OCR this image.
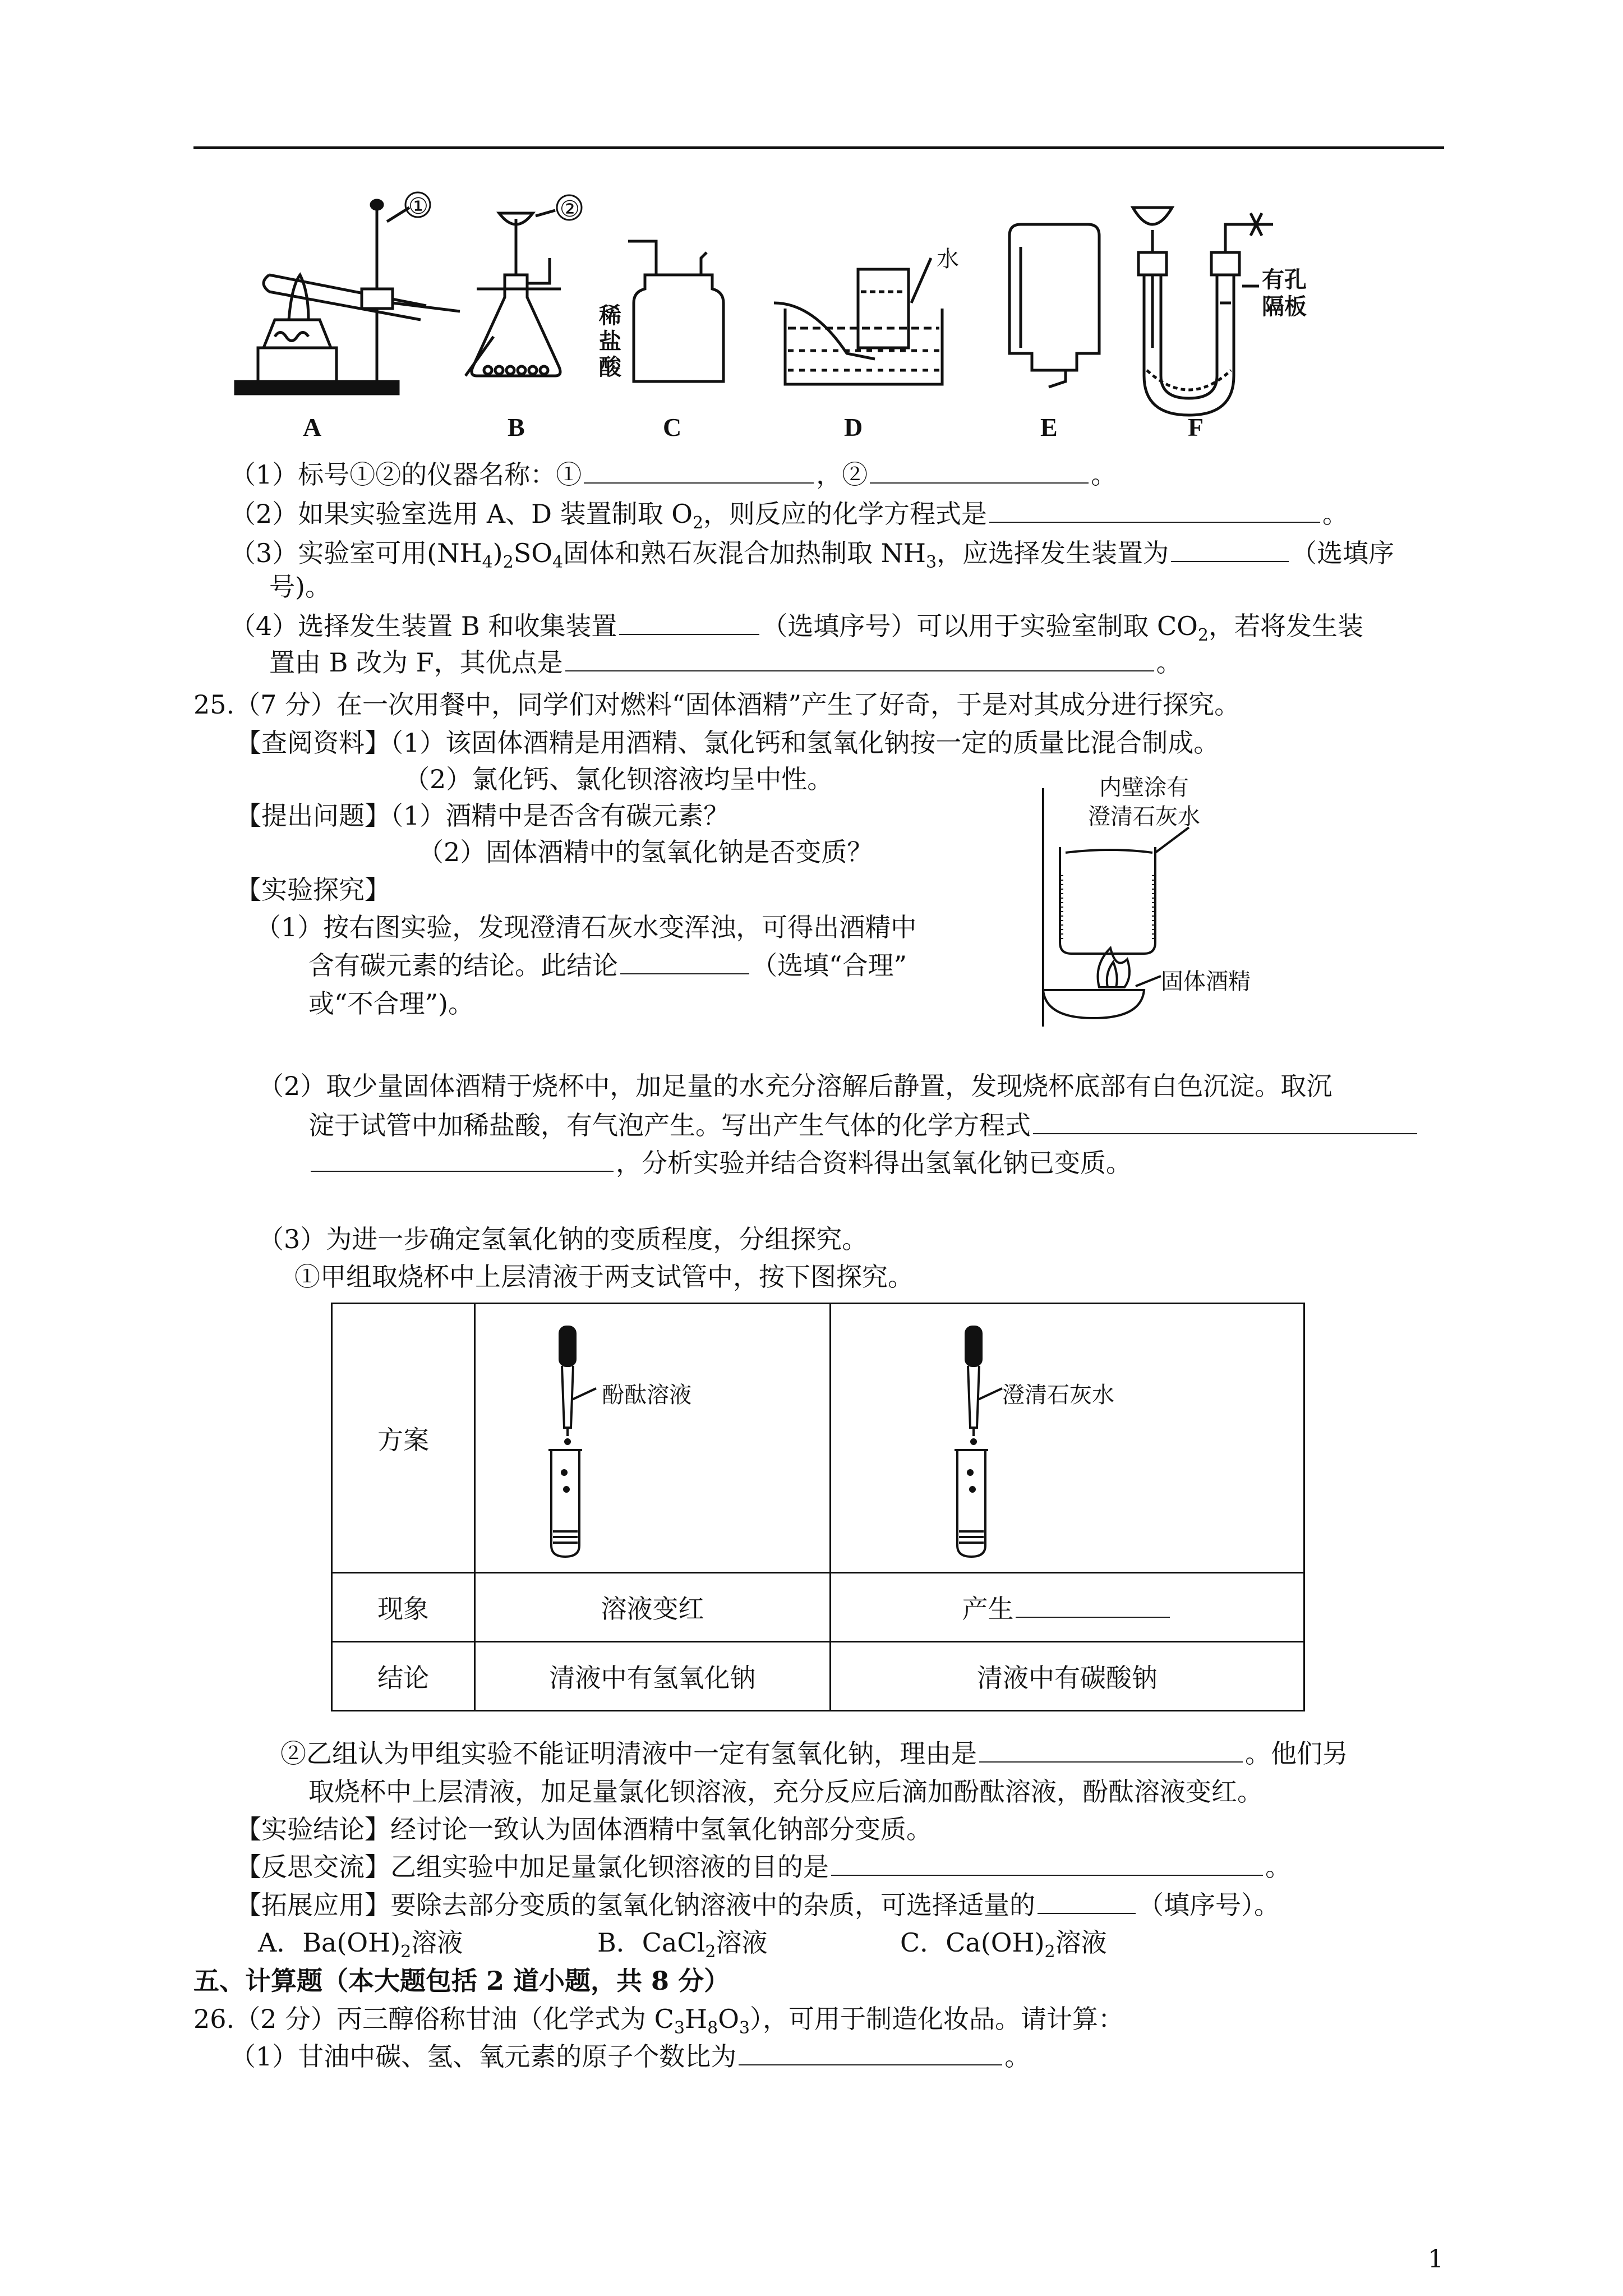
①	②
稀
盐
酸
水
有孔
隔板
A	B	C	D	E	F
（1）标号①②的仪器名称：①	，②	。
（2）如果实验室选用 A、D 装置制取 $O_2$，则反应的化学方程式是	。
（3）实验室可用$(NH_4)_2SO_4$固体和熟石灰混合加热制取 $NH_3$，应选择发生装置为	（选填序
号)。
（4）选择发生装置 B 和收集装置	（选填序号）可以用于实验室制取 $CO_2$，若将发生装
置由 B 改为 F，其优点是	。
25.（7 分）在一次用餐中，同学们对燃料“固体酒精”产生了好奇，于是对其成分进行探究。
【查阅资料】（1）该固体酒精是用酒精、氯化钙和氢氧化钠按一定的质量比混合制成。
（2）氯化钙、氯化钡溶液均呈中性。
【提出问题】（1）酒精中是否含有碳元素？
（2）固体酒精中的氢氧化钠是否变质？
【实验探究】
（1）按右图实验，发现澄清石灰水变浑浊，可得出酒精中
含有碳元素的结论。此结论	（选填“合理”
或“不合理”)。
内壁涂有
澄清石灰水
固体酒精
（2）取少量固体酒精于烧杯中，加足量的水充分溶解后静置，发现烧杯底部有白色沉淀。取沉
淀于试管中加稀盐酸，有气泡产生。写出产生气体的化学方程式
，分析实验并结合资料得出氢氧化钠已变质。
（3）为进一步确定氢氧化钠的变质程度，分组探究。
①甲组取烧杯中上层清液于两支试管中，按下图探究。
方案	酚酞溶液	澄清石灰水

现象	溶液变红	产生
结论	清液中有氢氧化钠	清液中有碳酸钠
②乙组认为甲组实验不能证明清液中一定有氢氧化钠，理由是	。他们另
取烧杯中上层清液，加足量氯化钡溶液，充分反应后滴加酚酞溶液，酚酞溶液变红。
【实验结论】经讨论一致认为固体酒精中氢氧化钠部分变质。
【反思交流】乙组实验中加足量氯化钡溶液的目的是	。
【拓展应用】要除去部分变质的氢氧化钠溶液中的杂质，可选择适量的	（填序号）。
A．$Ba(OH)_2$溶液	B．CaCl$_2$溶液	C．$Ca(OH)_2$溶液
五、计算题（本大题包括 2 道小题，共 8 分）
26.（2 分）丙三醇俗称甘油（化学式为 $C_3H_8O_3$），可用于制造化妆品。请计算：
（1）甘油中碳、氢、氧元素的原子个数比为	。
1
